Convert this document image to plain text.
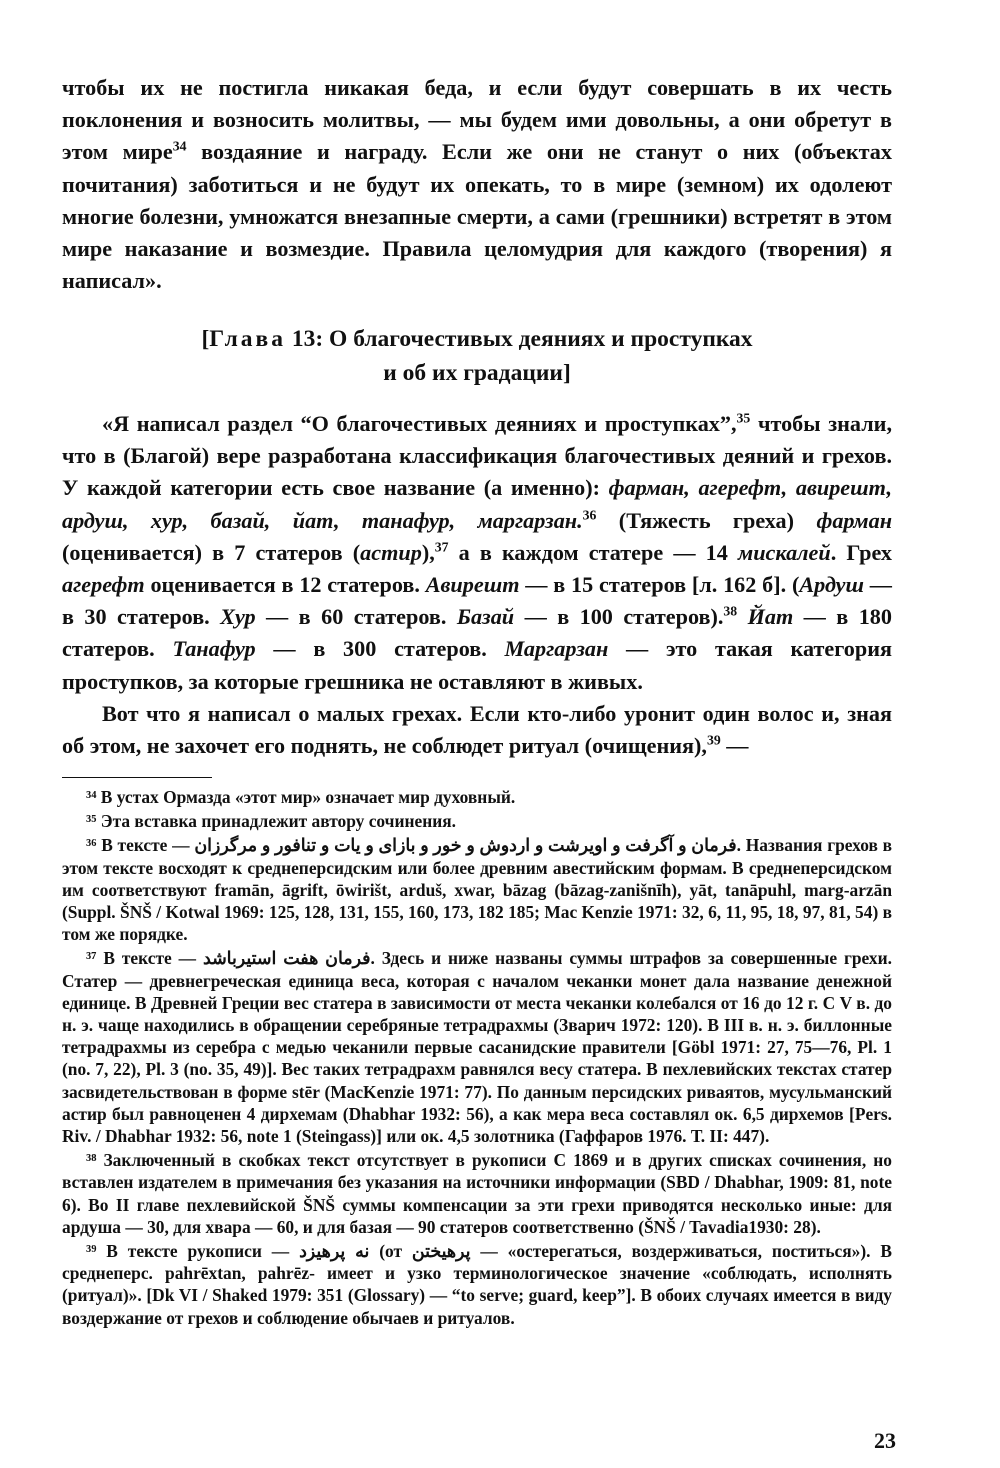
чтобы их не постигла никакая беда, и если будут совершать в их честь поклонения и возносить молитвы, — мы будем ими довольны, а они обретут в этом мире$^{34}$ воздаяние и награду. Если же они не станут о них (объектах почитания) заботиться и не будут их опекать, то в мире (земном) их одолеют многие болезни, умножатся внезапные смерти, а сами (грешники) встретят в этом мире наказание и возмездие. Правила целомудрия для каждого (творения) я написал».

[Глава 13: О благочестивых деяниях и проступках
и об их градации]

«Я написал раздел “О благочестивых деяниях и проступках”,$^{35}$ чтобы знали, что в (Благой) вере разработана классификация благочестивых деяний и грехов. У каждой категории есть свое название (а именно): фарман, агерефт, авирешт, ардуш, хур, базай, йат, танафур, маргарзан.$^{36}$ (Тяжесть греха) фарман (оценивается) в 7 статеров (астир),$^{37}$ а в каждом статере — 14 мискалей. Грех агерефт оценивается в 12 статеров. Авирешт — в 15 статеров [л. 162 б]. (Ардуш — в 30 статеров. Хур — в 60 статеров. Базай — в 100 статеров).$^{38}$ Йат — в 180 статеров. Танафур — в 300 статеров. Маргарзан — это такая категория проступков, за которые грешника не оставляют в живых.

Вот что я написал о малых грехах. Если кто-либо уронит один волос и, зная об этом, не захочет его поднять, не соблюдет ритуал (очищения),$^{39}$ —

³⁴ В устах Ормазда «этот мир» означает мир духовный.

³⁵ Эта вставка принадлежит автору сочинения.

³⁶ В тексте — فرمان و آگرفت و اویرشت و اردوش و خور و بازای و یات و تنافور و مرگرزان. Названия грехов в этом тексте восходят к среднеперсидским или более древним авестийским формам. В среднеперсидском им соответствуют framān, āgrift, ōwirišt, arduš, xwar, bāzag (bāzag-zanišnīh), yāt, tanāpuhl, marg-arzān (Suppl. ŠNŠ / Kotwal 1969: 125, 128, 131, 155, 160, 173, 182 185; Mac Kenzie 1971: 32, 6, 11, 95, 18, 97, 81, 54) в том же порядке.

³⁷ В тексте — فرمان هفت استیرباشد. Здесь и ниже названы суммы штрафов за совершенные грехи. Статер — древнегреческая единица веса, которая с началом чеканки монет дала название денежной единице. В Древней Греции вес статера в зависимости от места чеканки колебался от 16 до 12 г. С V в. до н. э. чаще находились в обращении серебряные тетрадрахмы (Зварич 1972: 120). В III в. н. э. биллонные тетрадрахмы из серебра с медью чеканили первые сасанидские правители [Göbl 1971: 27, 75—76, Pl. 1 (no. 7, 22), Pl. 3 (no. 35, 49)]. Вес таких тетрадрахм равнялся весу статера. В пехлевийских текстах статер засвидетельствован в форме stēr (MacKenzie 1971: 77). По данным персидских риваятов, мусульманский астир был равноценен 4 дирхемам (Dhabhar 1932: 56), а как мера веса составлял ок. 6,5 дирхемов [Pers. Riv. / Dhabhar 1932: 56, note 1 (Steingass)] или ок. 4,5 золотника (Гаффаров 1976. Т. II: 447).

³⁸ Заключенный в скобках текст отсутствует в рукописи С 1869 и в других списках сочинения, но вставлен издателем в примечания без указания на источники информации (SBD / Dhabhar, 1909: 81, note 6). Во II главе пехлевийской ŠNŠ суммы компенсации за эти грехи приводятся несколько иные: для ардуша — 30, для хвара — 60, и для базая — 90 статеров соответственно (ŠNŠ / Tavadia1930: 28).

³⁹ В тексте рукописи — نه پرهیزد (от پرهیختن — «остерегаться, воздерживаться, поститься»). В среднеперс. pahrēxtan, pahrēz- имеет и узко терминологическое значение «соблюдать, исполнять (ритуал)». [Dk VI / Shaked 1979: 351 (Glossary) — “to serve; guard, keep”]. В обоих случаях имеется в виду воздержание от грехов и соблюдение обычаев и ритуалов.

23
